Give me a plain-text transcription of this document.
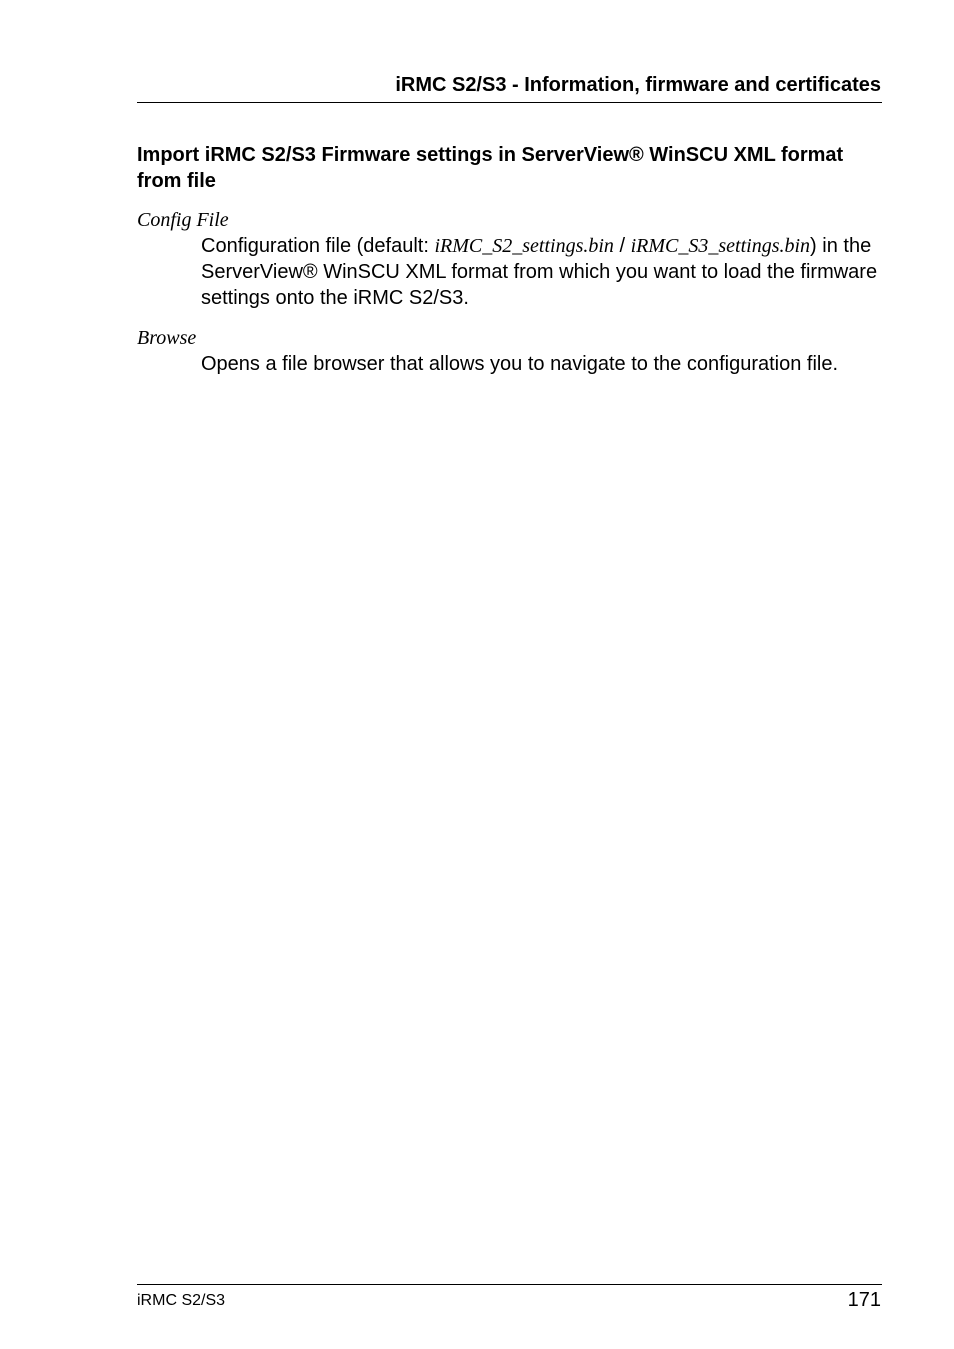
iRMC S2/S3 - Information, firmware and certificates
Import iRMC S2/S3 Firmware settings in ServerView® WinSCU XML format from file
Config File
Configuration file (default: iRMC_S2_settings.bin / iRMC_S3_settings.bin) in the ServerView® WinSCU XML format from which you want to load the firmware settings onto the iRMC S2/S3.
Browse
Opens a file browser that allows you to navigate to the configuration file.
iRMC S2/S3	171
